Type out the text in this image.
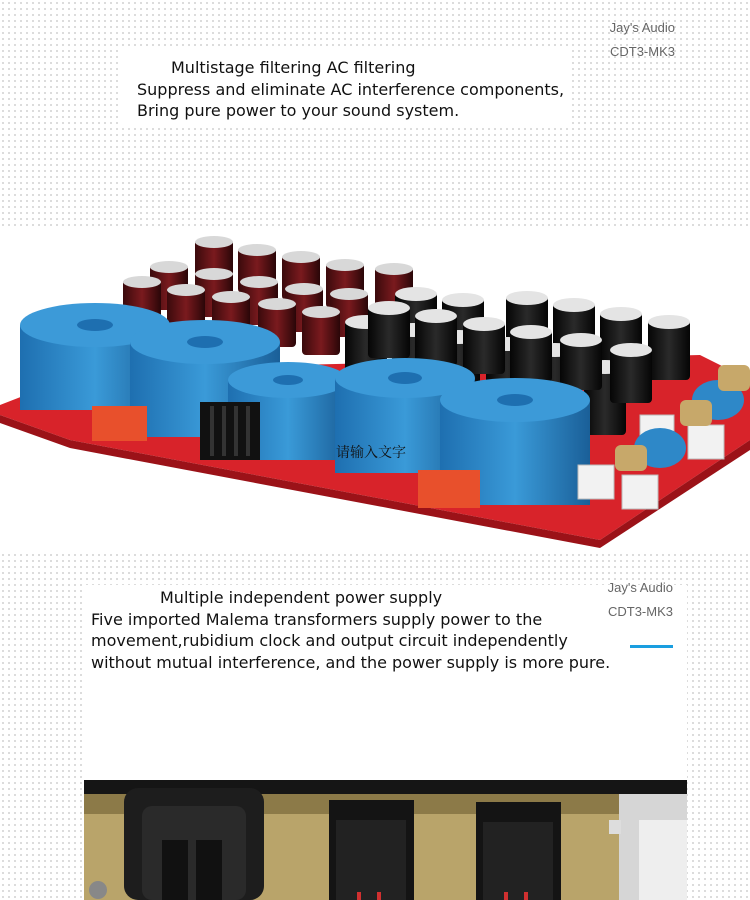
Jay's Audio
CDT3-MK3
Multistage filtering AC filtering
Suppress and eliminate AC interference components,
Bring pure power to your sound system.
请输入文字
Jay's Audio
CDT3-MK3
Multiple independent power supply
Five imported Malema transformers supply power to the
movement,rubidium clock and output circuit independently
without mutual interference, and the power supply is more pure.
